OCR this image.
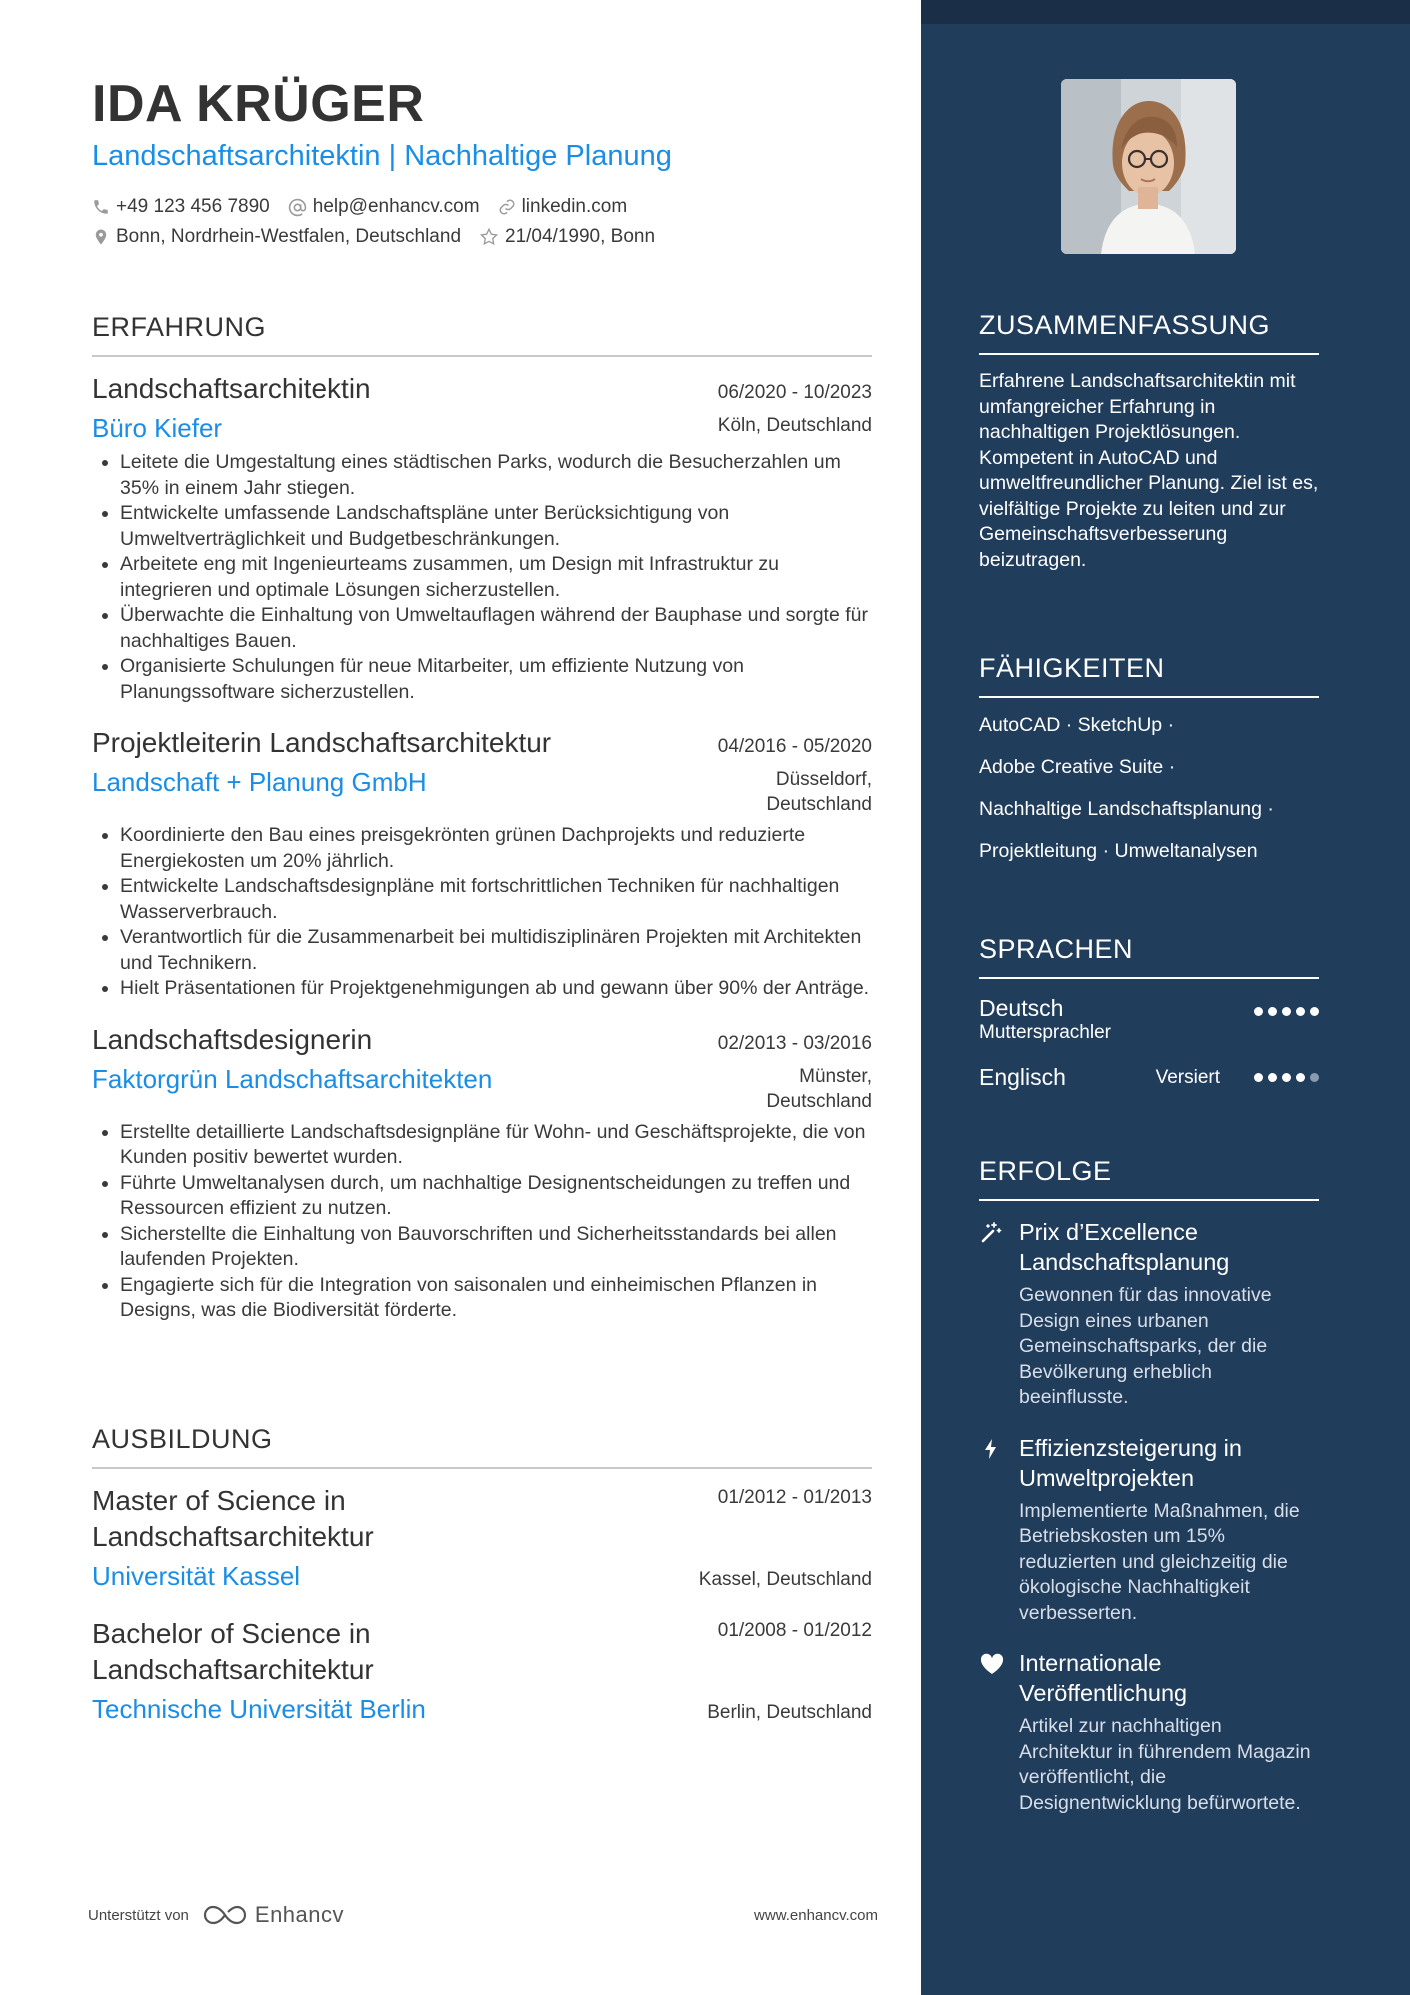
IDA KRÜGER
Landschaftsarchitektin | Nachhaltige Planung
+49 123 456 7890 help@enhancv.com linkedin.com
Bonn, Nordrhein-Westfalen, Deutschland 21/04/1990, Bonn
ERFAHRUNG
Landschaftsarchitektin	06/2020 - 10/2023
Büro Kiefer	Köln, Deutschland
• Leitete die Umgestaltung eines städtischen Parks, wodurch die Besucherzahlen um 35% in einem Jahr stiegen.
• Entwickelte umfassende Landschaftspläne unter Berücksichtigung von Umweltverträglichkeit und Budgetbeschränkungen.
• Arbeitete eng mit Ingenieurteams zusammen, um Design mit Infrastruktur zu integrieren und optimale Lösungen sicherzustellen.
• Überwachte die Einhaltung von Umweltauflagen während der Bauphase und sorgte für nachhaltiges Bauen.
• Organisierte Schulungen für neue Mitarbeiter, um effiziente Nutzung von Planungssoftware sicherzustellen.
Projektleiterin Landschaftsarchitektur	04/2016 - 05/2020
Landschaft + Planung GmbH	Düsseldorf, Deutschland
• Koordinierte den Bau eines preisgekrönten grünen Dachprojekts und reduzierte Energiekosten um 20% jährlich.
• Entwickelte Landschaftsdesignpläne mit fortschrittlichen Techniken für nachhaltigen Wasserverbrauch.
• Verantwortlich für die Zusammenarbeit bei multidisziplinären Projekten mit Architekten und Technikern.
• Hielt Präsentationen für Projektgenehmigungen ab und gewann über 90% der Anträge.
Landschaftsdesignerin	02/2013 - 03/2016
Faktorgrün Landschaftsarchitekten	Münster, Deutschland
• Erstellte detaillierte Landschaftsdesignpläne für Wohn- und Geschäftsprojekte, die von Kunden positiv bewertet wurden.
• Führte Umweltanalysen durch, um nachhaltige Designentscheidungen zu treffen und Ressourcen effizient zu nutzen.
• Sicherstellte die Einhaltung von Bauvorschriften und Sicherheitsstandards bei allen laufenden Projekten.
• Engagierte sich für die Integration von saisonalen und einheimischen Pflanzen in Designs, was die Biodiversität förderte.
AUSBILDUNG
Master of Science in Landschaftsarchitektur
01/2012 - 01/2013
Universität Kassel	Kassel, Deutschland
Bachelor of Science in Landschaftsarchitektur
01/2008 - 01/2012
Technische Universität Berlin	Berlin, Deutschland
Unterstützt von	Enhancv	www.enhancv.com
ZUSAMMENFASSUNG
Erfahrene Landschaftsarchitektin mit umfangreicher Erfahrung in nachhaltigen Projektlösungen. Kompetent in AutoCAD und umweltfreundlicher Planung. Ziel ist es, vielfältige Projekte zu leiten und zur Gemeinschaftsverbesserung beizutragen.
FÄHIGKEITEN
AutoCAD · SketchUp ·
Adobe Creative Suite ·
Nachhaltige Landschaftsplanung ·
Projektleitung · Umweltanalysen
SPRACHEN
Deutsch
Muttersprachler
Englisch	Versiert
ERFOLGE
Prix d’Excellence Landschaftsplanung
Gewonnen für das innovative Design eines urbanen Gemeinschaftsparks, der die Bevölkerung erheblich beeinflusste.
Effizienzsteigerung in Umweltprojekten
Implementierte Maßnahmen, die Betriebskosten um 15% reduzierten und gleichzeitig die ökologische Nachhaltigkeit verbesserten.
Internationale Veröffentlichung
Artikel zur nachhaltigen Architektur in führendem Magazin veröffentlicht, die Designentwicklung befürwortete.
